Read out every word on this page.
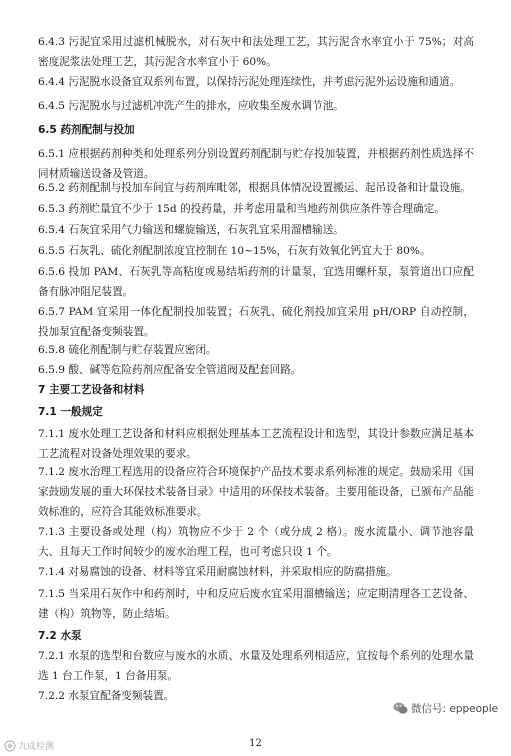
6.4.3 污泥宜采用过滤机械脱水，对石灰中和法处理工艺，其污泥含水率宜小于 75%；对高密度泥浆法处理工艺，其污泥含水率宜小于 60%。

6.4.4 污泥脱水设备宜双系列布置，以保持污泥处理连续性，并考虑污泥外运设施和通道。

6.4.5 污泥脱水与过滤机冲洗产生的排水，应收集至废水调节池。

6.5 药剂配制与投加

6.5.1 应根据药剂种类和处理系列分别设置药剂配制与贮存投加装置，并根据药剂性质选择不同材质输送设备及管道。

6.5.2 药剂配制与投加车间宜与药剂库毗邻，根据具体情况设置搬运、起吊设备和计量设施。

6.5.3 药剂贮量宜不少于 15d 的投药量，并考虑用量和当地药剂供应条件等合理确定。

6.5.4 石灰宜采用气力输送和螺旋输送，石灰乳宜采用溜槽输送。

6.5.5 石灰乳、硫化剂配制浓度宜控制在 10~15%，石灰有效氧化钙宜大于 80%。

6.5.6 投加 PAM、石灰乳等高粘度或易结垢药剂的计量泵，宜选用螺杆泵，泵管道出口应配备有脉冲阻尼装置。

6.5.7 PAM 宜采用一体化配制投加装置；石灰乳、硫化剂投加宜采用 pH/ORP 自动控制，投加泵宜配备变频装置。

6.5.8 硫化剂配制与贮存装置应密闭。

6.5.9 酸、碱等危险药剂应配备安全管道阀及配套回路。

7 主要工艺设备和材料

7.1 一般规定

7.1.1 废水处理工艺设备和材料应根据处理基本工艺流程设计和选型，其设计参数应满足基本工艺流程对设备处理效果的要求。

7.1.2 废水治理工程选用的设备应符合环境保护产品技术要求系列标准的规定。鼓励采用《国家鼓励发展的重大环保技术装备目录》中适用的环保技术装备。主要用能设备，已颁布产品能效标准的，应符合其能效标准要求。

7.1.3 主要设备或处理（构）筑物应不少于 2 个（或分成 2 格）。废水流量小、调节池容量大、且每天工作时间较少的废水治理工程，也可考虑只设 1 个。

7.1.4 对易腐蚀的设备、材料等宜采用耐腐蚀材料，并采取相应的防腐措施。

7.1.5 当采用石灰作中和药剂时，中和反应后废水宜采用溜槽输送；应定期清理各工艺设备、建（构）筑物等，防止结垢。

7.2 水泵

7.2.1 水泵的选型和台数应与废水的水质、水量及处理系列相适应，宜按每个系列的处理水量选 1 台工作泵，1 台备用泵。

7.2.2 水泵宜配备变频装置。

微信号: eppeople
九成检测	12
